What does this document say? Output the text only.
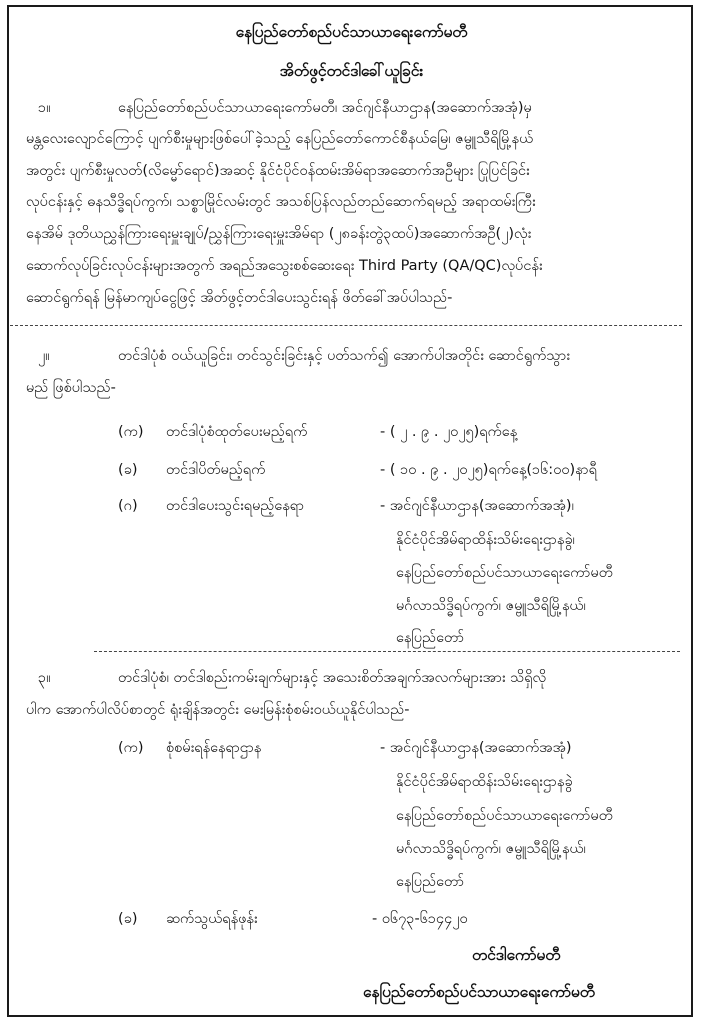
နေပြည်တော်စည်ပင်သာယာရေးကော်မတီ
အိတ်ဖွင့်တင်ဒါခေါ်ယူခြင်း
၁။	နေပြည်တော်စည်ပင်သာယာရေးကော်မတီ၊ အင်ဂျင်နီယာဌာန(အဆောက်အအုံ)မှ
မန္တလေးလျောင်ကြောင့် ပျက်စီးမှုများဖြစ်ပေါ်ခဲ့သည့် နေပြည်တော်ကောင်စီနယ်မြေ၊ ဇမ္ဗူသီရိမြို့နယ်
အတွင်း ပျက်စီးမှုလတ်(လိမ္မော်ရောင်)အဆင့် နိုင်ငံပိုင်ဝန်ထမ်းအိမ်ရာအဆောက်အဦများ ပြုပြင်ခြင်း
လုပ်ငန်းနှင့် ဓနသီဒ္ဓိရပ်ကွက်၊ သစ္စာမြိုင်လမ်းတွင် အသစ်ပြန်လည်တည်ဆောက်ရမည့် အရာထမ်းကြီး
နေအိမ် ဒုတိယညွှန်ကြားရေးမှူးချုပ်/ညွှန်ကြားရေးမှူးအိမ်ရာ (၂၈ခန်းတွဲ၃ထပ်)အဆောက်အဦ(၂)လုံး
ဆောက်လုပ်ခြင်းလုပ်ငန်းများအတွက် အရည်အသွေးစစ်ဆေးရေး Third Party (QA/QC)လုပ်ငန်း
ဆောင်ရွက်ရန် မြန်မာကျပ်ငွေဖြင့် အိတ်ဖွင့်တင်ဒါပေးသွင်းရန် ဖိတ်ခေါ်အပ်ပါသည်-
၂။	တင်ဒါပုံစံ ဝယ်ယူခြင်း၊ တင်သွင်းခြင်းနှင့် ပတ်သက်၍ အောက်ပါအတိုင်း ဆောင်ရွက်သွား
မည် ဖြစ်ပါသည်-
(က) တင်ဒါပုံစံထုတ်ပေးမည့်ရက်	- ( ၂ . ၉ . ၂၀၂၅)ရက်နေ့
(ခ) တင်ဒါပိတ်မည့်ရက်	- ( ၁၀ . ၉ . ၂၀၂၅)ရက်နေ့(၁၆:၀၀)နာရီ
(ဂ) တင်ဒါပေးသွင်းရမည့်နေရာ	- အင်ဂျင်နီယာဌာန(အဆောက်အအုံ)၊
နိုင်ငံပိုင်အိမ်ရာထိန်းသိမ်းရေးဌာနခွဲ၊
နေပြည်တော်စည်ပင်သာယာရေးကော်မတီ
မင်္ဂလာသိဒ္ဓိရပ်ကွက်၊ ဇမ္ဗူသီရိမြို့နယ်၊
နေပြည်တော်
၃။	တင်ဒါပုံစံ၊ တင်ဒါစည်းကမ်းချက်များနှင့် အသေးစိတ်အချက်အလက်များအား သိရှိလို
ပါက အောက်ပါလိပ်စာတွင် ရုံးချိန်အတွင်း မေးမြန်းစုံစမ်းဝယ်ယူနိုင်ပါသည်-
(က) စုံစမ်းရန်နေရာဌာန	- အင်ဂျင်နီယာဌာန(အဆောက်အအုံ)
နိုင်ငံပိုင်အိမ်ရာထိန်းသိမ်းရေးဌာနခွဲ
နေပြည်တော်စည်ပင်သာယာရေးကော်မတီ
မင်္ဂလာသိဒ္ဓိရပ်ကွက်၊ ဇမ္ဗူသီရိမြို့နယ်၊
နေပြည်တော်
(ခ) ဆက်သွယ်ရန်ဖုန်း	- ၀၆၇၃-၆၁၄၄၂၀
တင်ဒါကော်မတီ
နေပြည်တော်စည်ပင်သာယာရေးကော်မတီ
